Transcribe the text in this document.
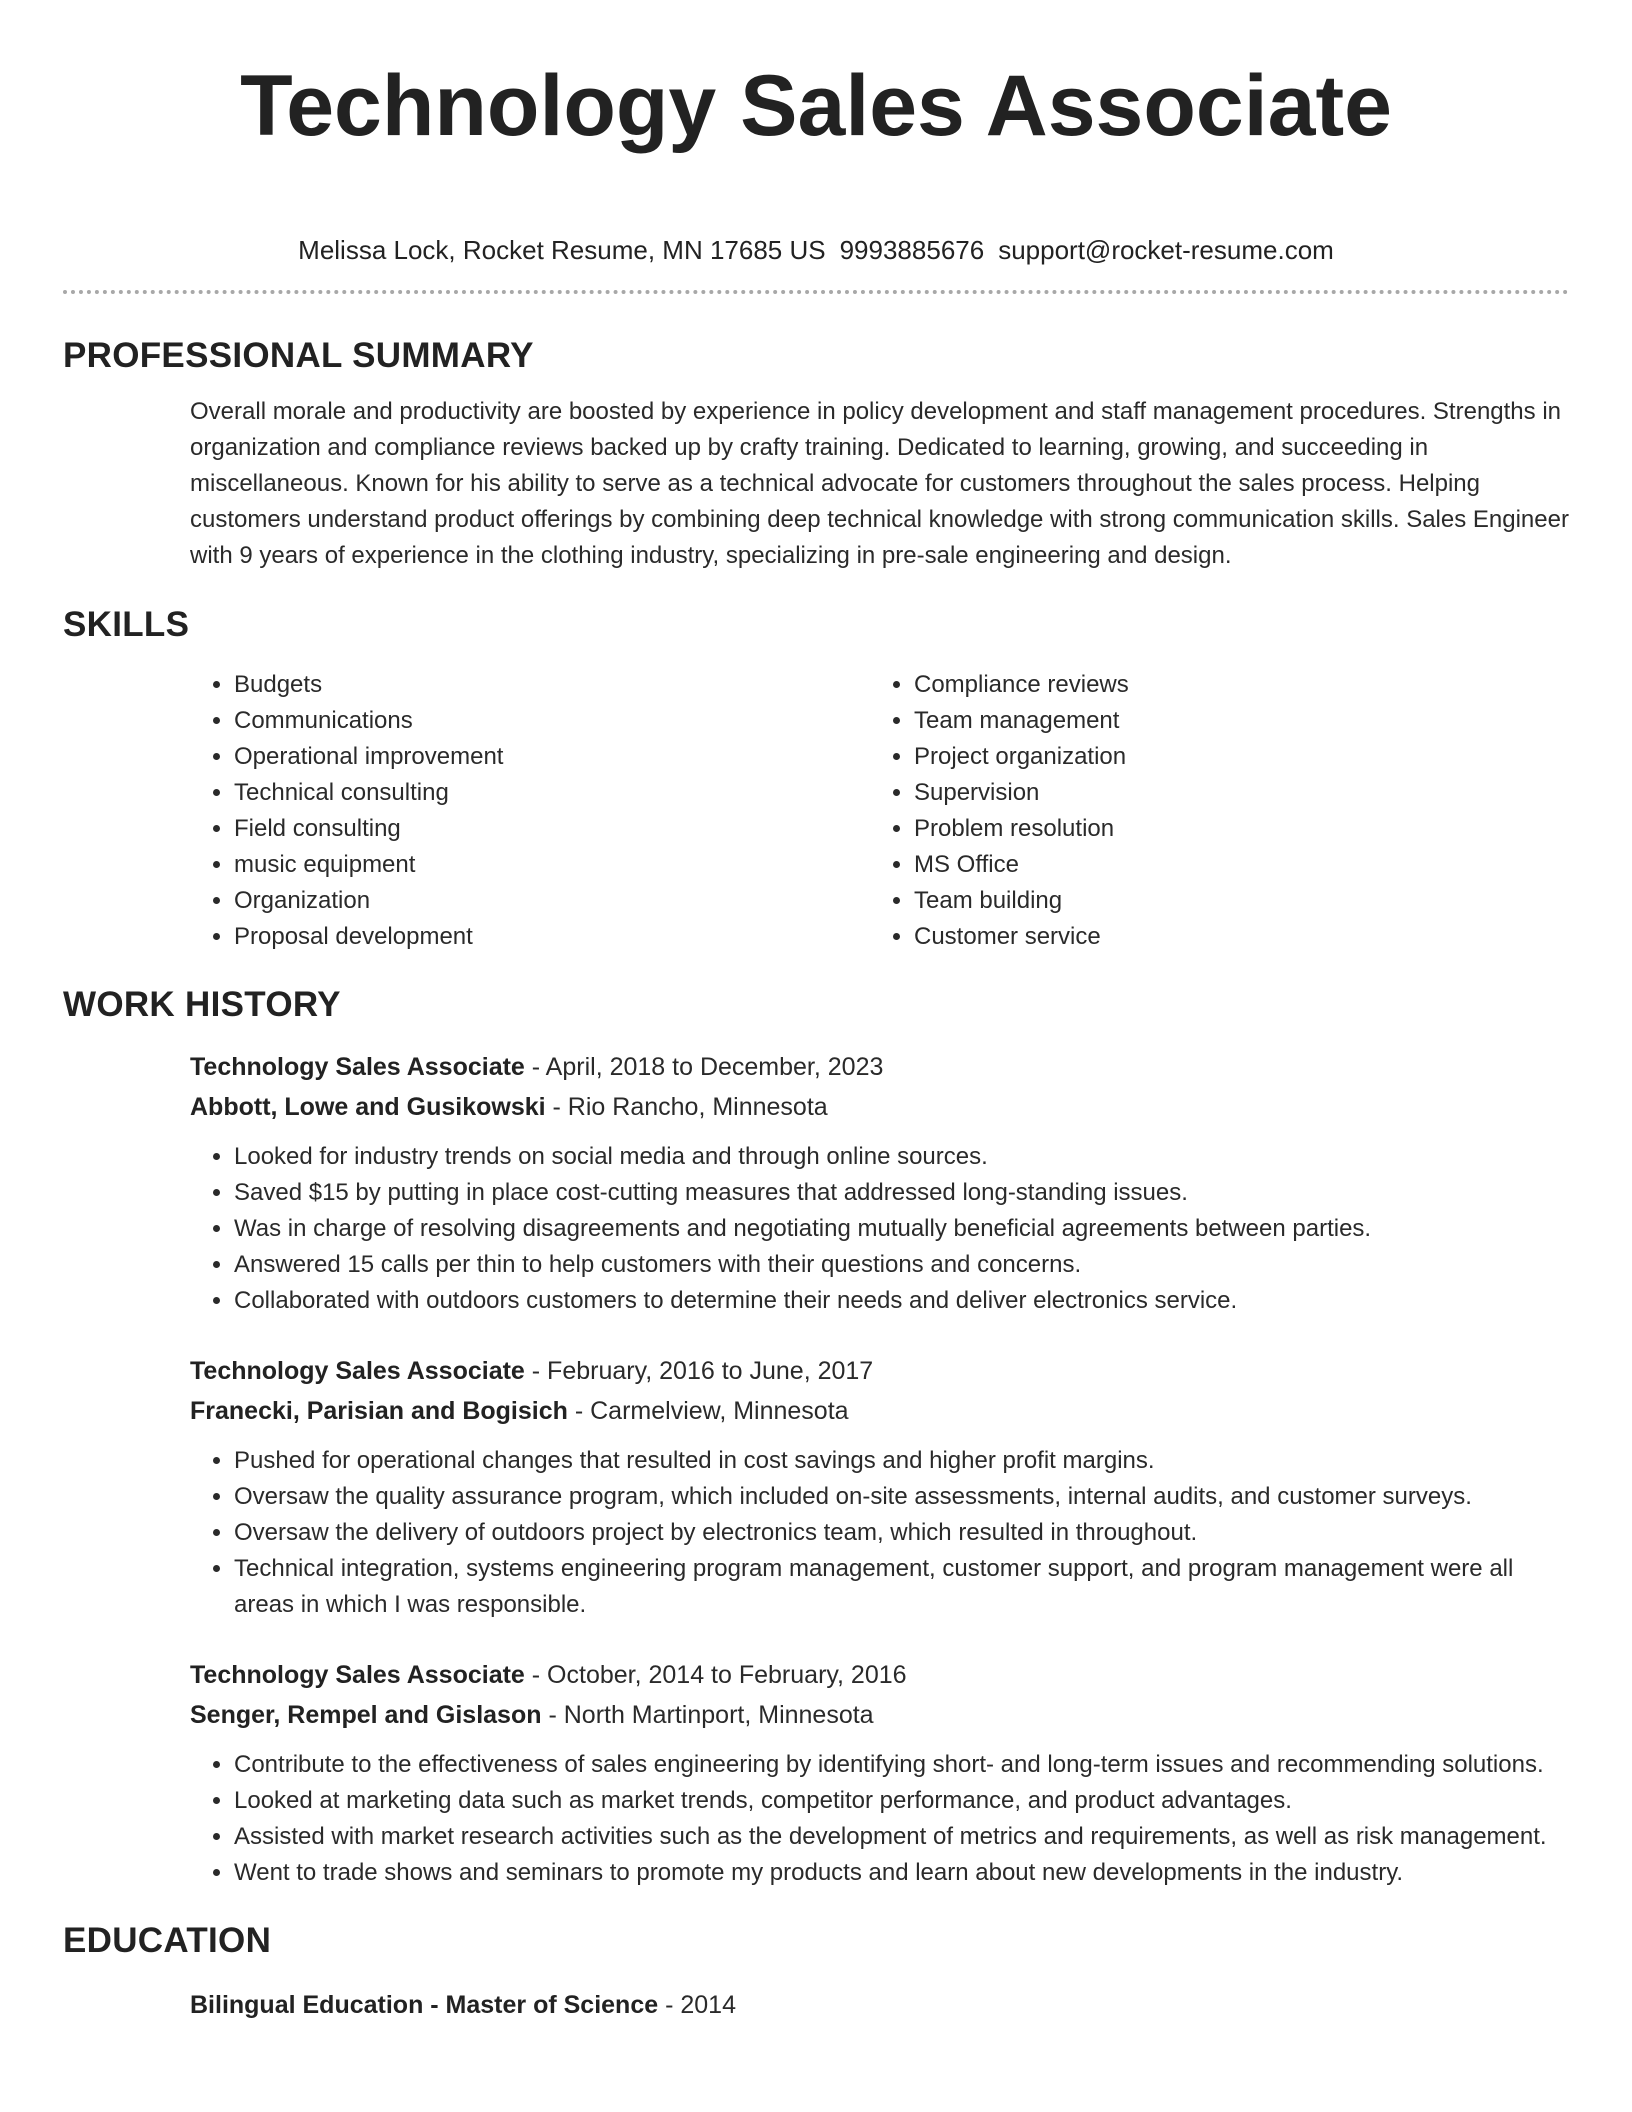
Technology Sales Associate
Melissa Lock, Rocket Resume, MN 17685 US 9993885676 support@rocket-resume.com
PROFESSIONAL SUMMARY

Overall morale and productivity are boosted by experience in policy development and staff management procedures. Strengths in organization and compliance reviews backed up by crafty training. Dedicated to learning, growing, and succeeding in miscellaneous. Known for his ability to serve as a technical advocate for customers throughout the sales process. Helping customers understand product offerings by combining deep technical knowledge with strong communication skills. Sales Engineer with 9 years of experience in the clothing industry, specializing in pre-sale engineering and design.

SKILLS
• Budgets
• Communications
• Operational improvement
• Technical consulting
• Field consulting
• music equipment
• Organization
• Proposal development
• Compliance reviews
• Team management
• Project organization
• Supervision
• Problem resolution
• MS Office
• Team building
• Customer service
WORK HISTORY
Technology Sales Associate - April, 2018 to December, 2023
Abbott, Lowe and Gusikowski - Rio Rancho, Minnesota
• Looked for industry trends on social media and through online sources.
• Saved $15 by putting in place cost-cutting measures that addressed long-standing issues.
• Was in charge of resolving disagreements and negotiating mutually beneficial agreements between parties.
• Answered 15 calls per thin to help customers with their questions and concerns.
• Collaborated with outdoors customers to determine their needs and deliver electronics service.
Technology Sales Associate - February, 2016 to June, 2017
Franecki, Parisian and Bogisich - Carmelview, Minnesota
• Pushed for operational changes that resulted in cost savings and higher profit margins.
• Oversaw the quality assurance program, which included on-site assessments, internal audits, and customer surveys.
• Oversaw the delivery of outdoors project by electronics team, which resulted in throughout.
• Technical integration, systems engineering program management, customer support, and program management were all areas in which I was responsible.
Technology Sales Associate - October, 2014 to February, 2016
Senger, Rempel and Gislason - North Martinport, Minnesota
• Contribute to the effectiveness of sales engineering by identifying short- and long-term issues and recommending solutions.
• Looked at marketing data such as market trends, competitor performance, and product advantages.
• Assisted with market research activities such as the development of metrics and requirements, as well as risk management.
• Went to trade shows and seminars to promote my products and learn about new developments in the industry.
EDUCATION
Bilingual Education - Master of Science - 2014
